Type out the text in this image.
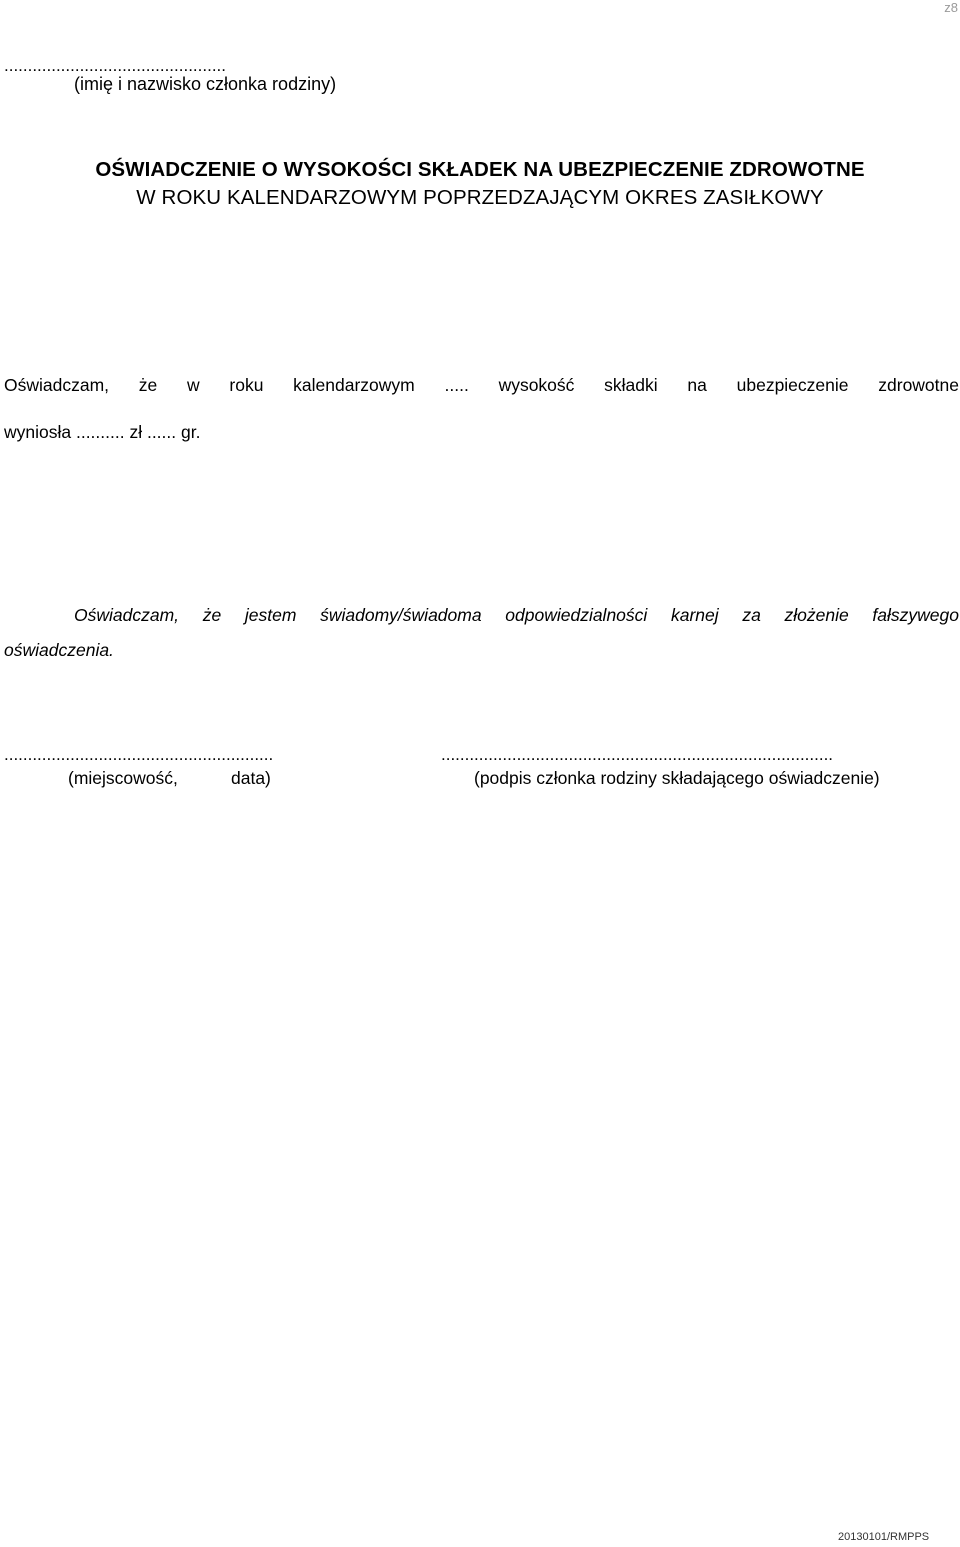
z8
...............................................
(imię i nazwisko członka rodziny)
OŚWIADCZENIE O WYSOKOŚCI SKŁADEK NA UBEZPIECZENIE ZDROWOTNE
W ROKU KALENDARZOWYM POPRZEDZAJĄCYM OKRES ZASIŁKOWY
Oświadczam, że w roku kalendarzowym ..... wysokość składki na ubezpieczenie zdrowotne
wyniosła .......... zł ...... gr.
Oświadczam, że jestem świadomy/świadoma odpowiedzialności karnej za złożenie fałszywego
oświadczenia.
.........................................................
(miejscowość,	data)
...................................................................................
(podpis członka rodziny składającego oświadczenie)
20130101/RMPPS
